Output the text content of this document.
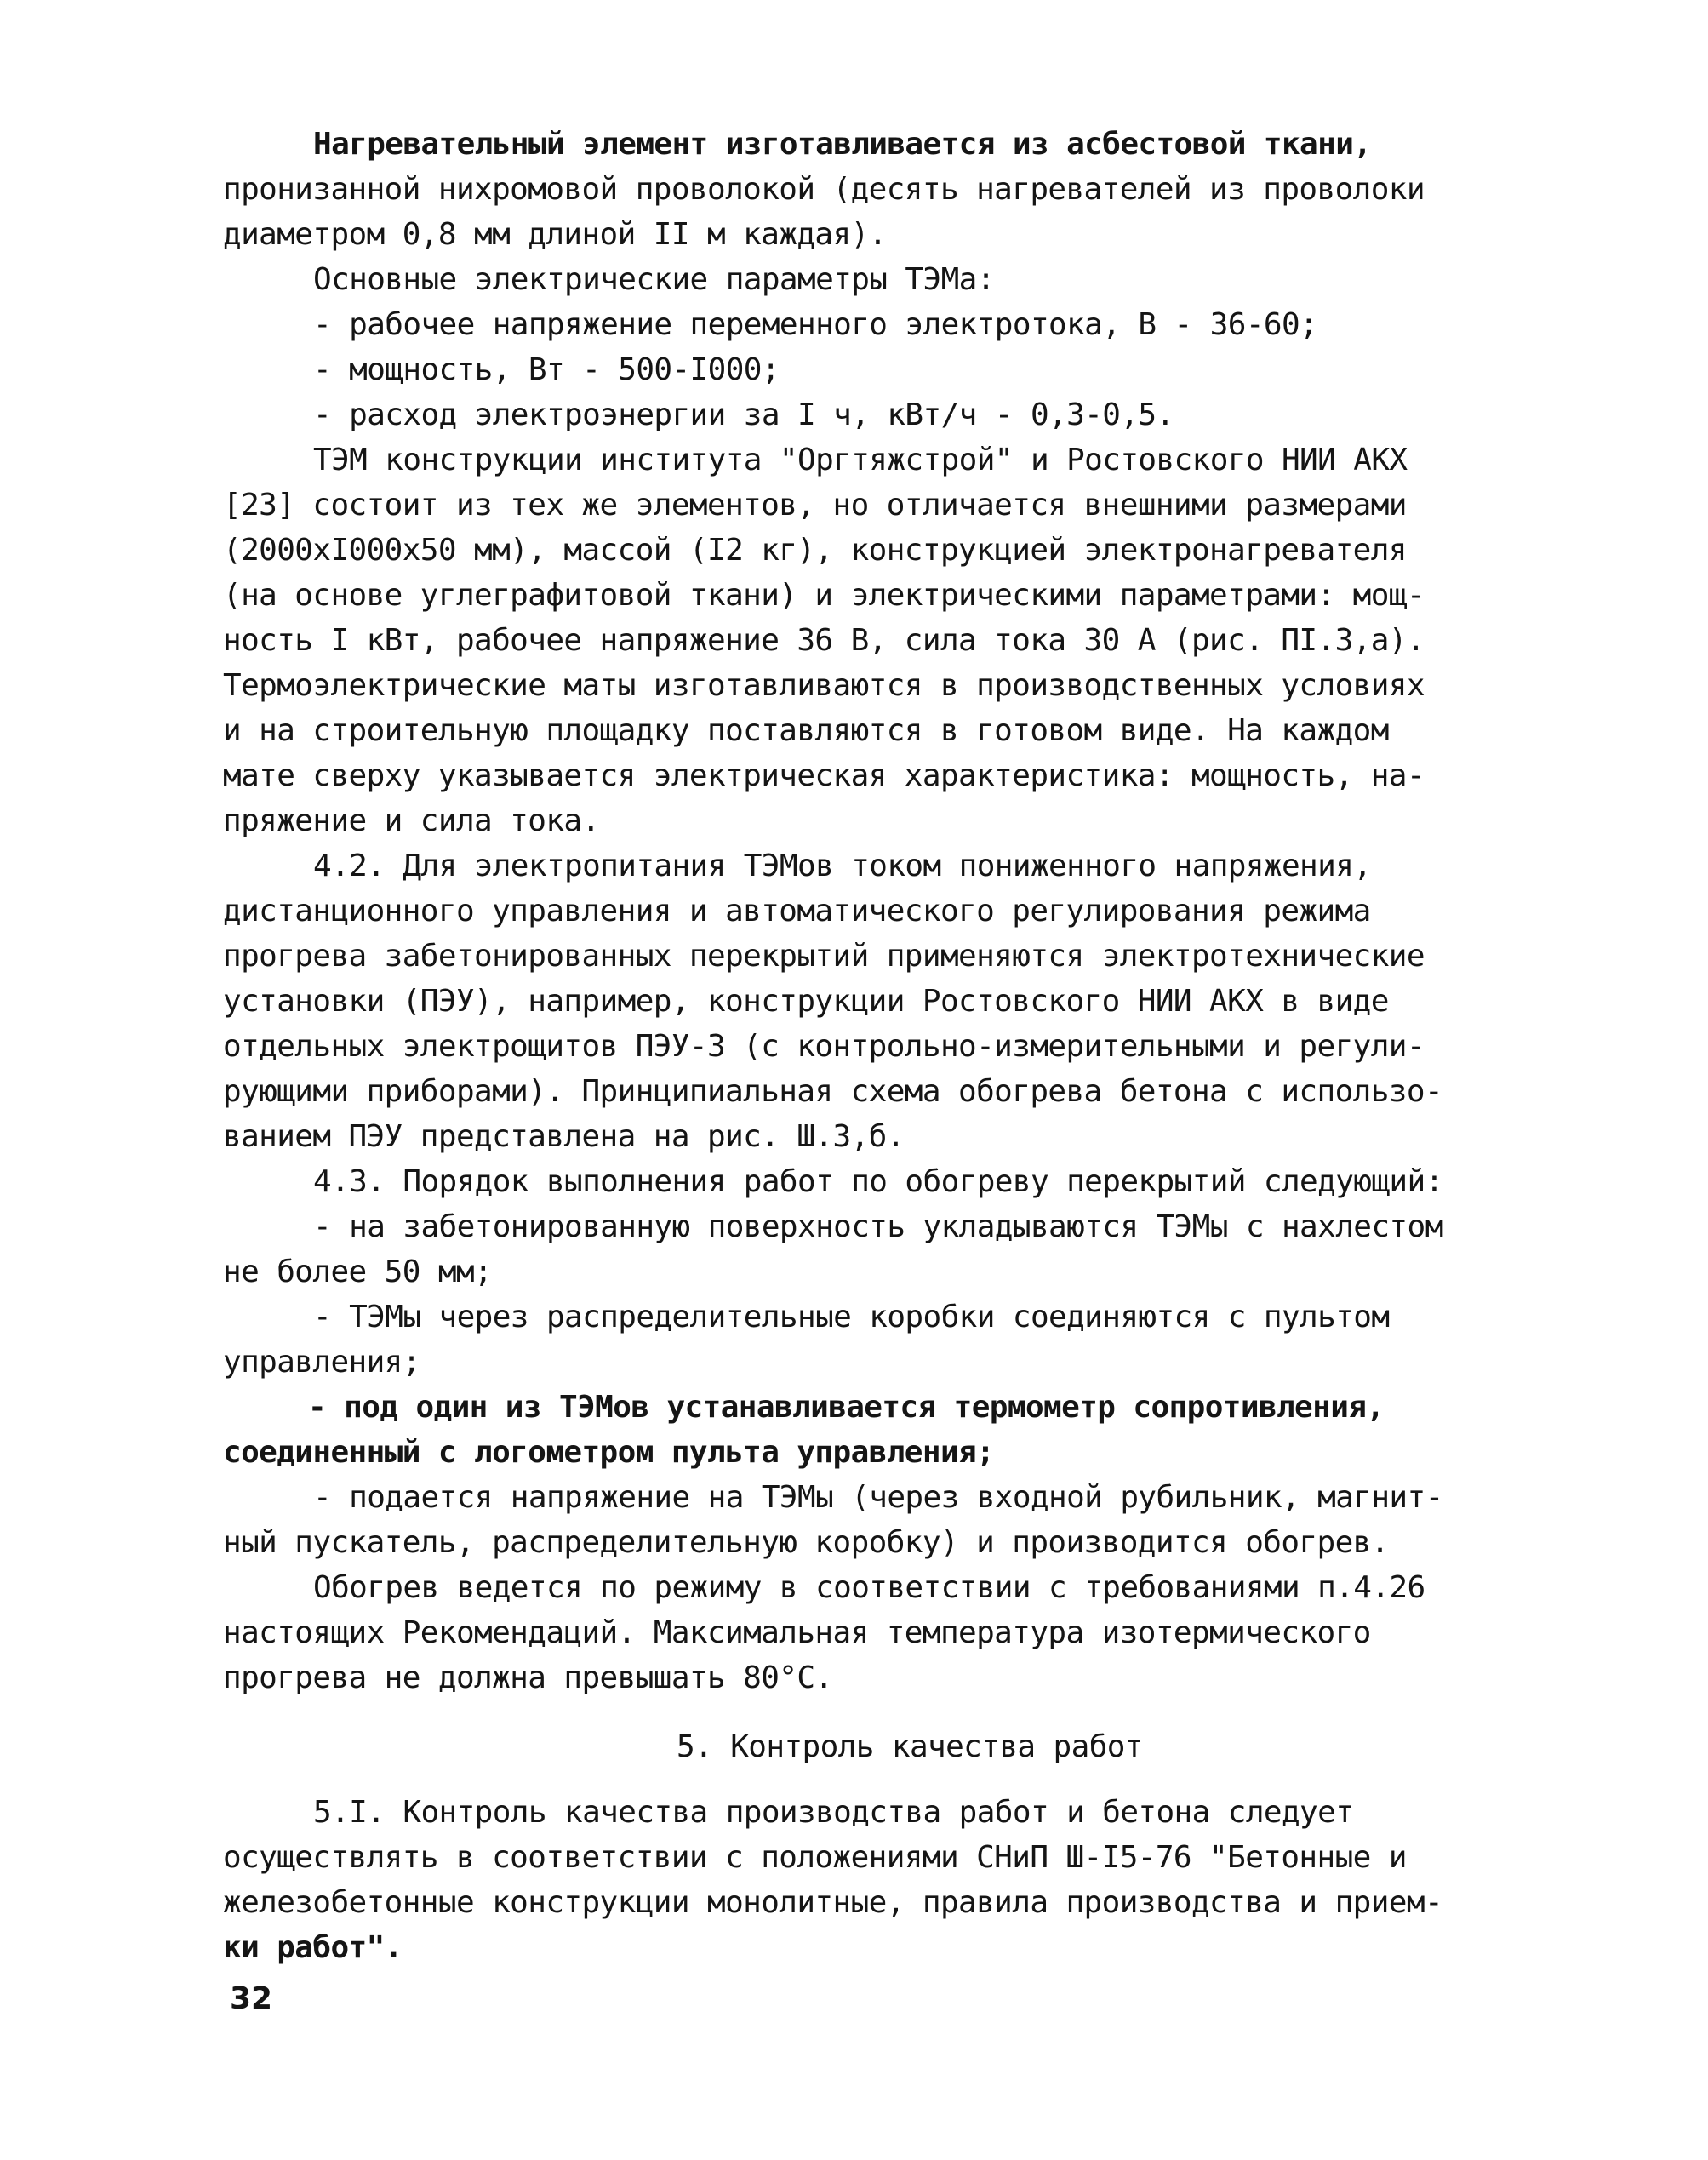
Нагревательный элемент изготавливается из асбестовой ткани,
пронизанной нихромовой проволокой (десять нагревателей из проволоки
диаметром 0,8 мм длиной II м каждая).
Основные электрические параметры ТЭМа:
- рабочее напряжение переменного электротока, В - 36-60;
- мощность, Вт - 500-I000;
- расход электроэнергии за I ч, кВт/ч - 0,3-0,5.
ТЭМ конструкции института "Оргтяжстрой" и Ростовского НИИ АКХ
[23] состоит из тех же элементов, но отличается внешними размерами
(2000xI000x50 мм), массой (I2 кг), конструкцией электронагревателя
(на основе углеграфитовой ткани) и электрическими параметрами: мощ-
ность I кВт, рабочее напряжение 36 В, сила тока 30 А (рис. ПI.3,а).
Термоэлектрические маты изготавливаются в производственных условиях
и на строительную площадку поставляются в готовом виде. На каждом
мате сверху указывается электрическая характеристика: мощность, на-
пряжение и сила тока.
4.2. Для электропитания ТЭМов током пониженного напряжения,
дистанционного управления и автоматического регулирования режима
прогрева забетонированных перекрытий применяются электротехнические
установки (ПЭУ), например, конструкции Ростовского НИИ АКХ в виде
отдельных электрощитов ПЭУ-3 (с контрольно-измерительными и регули-
рующими приборами). Принципиальная схема обогрева бетона с использо-
ванием ПЭУ представлена на рис. Ш.3,б.
4.3. Порядок выполнения работ по обогреву перекрытий следующий:
- на забетонированную поверхность укладываются ТЭМы с нахлестом
не более 50 мм;
- ТЭМы через распределительные коробки соединяются с пультом
управления;
- под один из ТЭМов устанавливается термометр сопротивления,
соединенный с логометром пульта управления;
- подается напряжение на ТЭМы (через входной рубильник, магнит-
ный пускатель, распределительную коробку) и производится обогрев.
Обогрев ведется по режиму в соответствии с требованиями п.4.26
настоящих Рекомендаций. Максимальная температура изотермического
прогрева не должна превышать 80°С.
5. Контроль качества работ
5.I. Контроль качества производства работ и бетона следует
осуществлять в соответствии с положениями СНиП Ш-I5-76 "Бетонные и
железобетонные конструкции монолитные, правила производства и прием-
ки работ".
32
